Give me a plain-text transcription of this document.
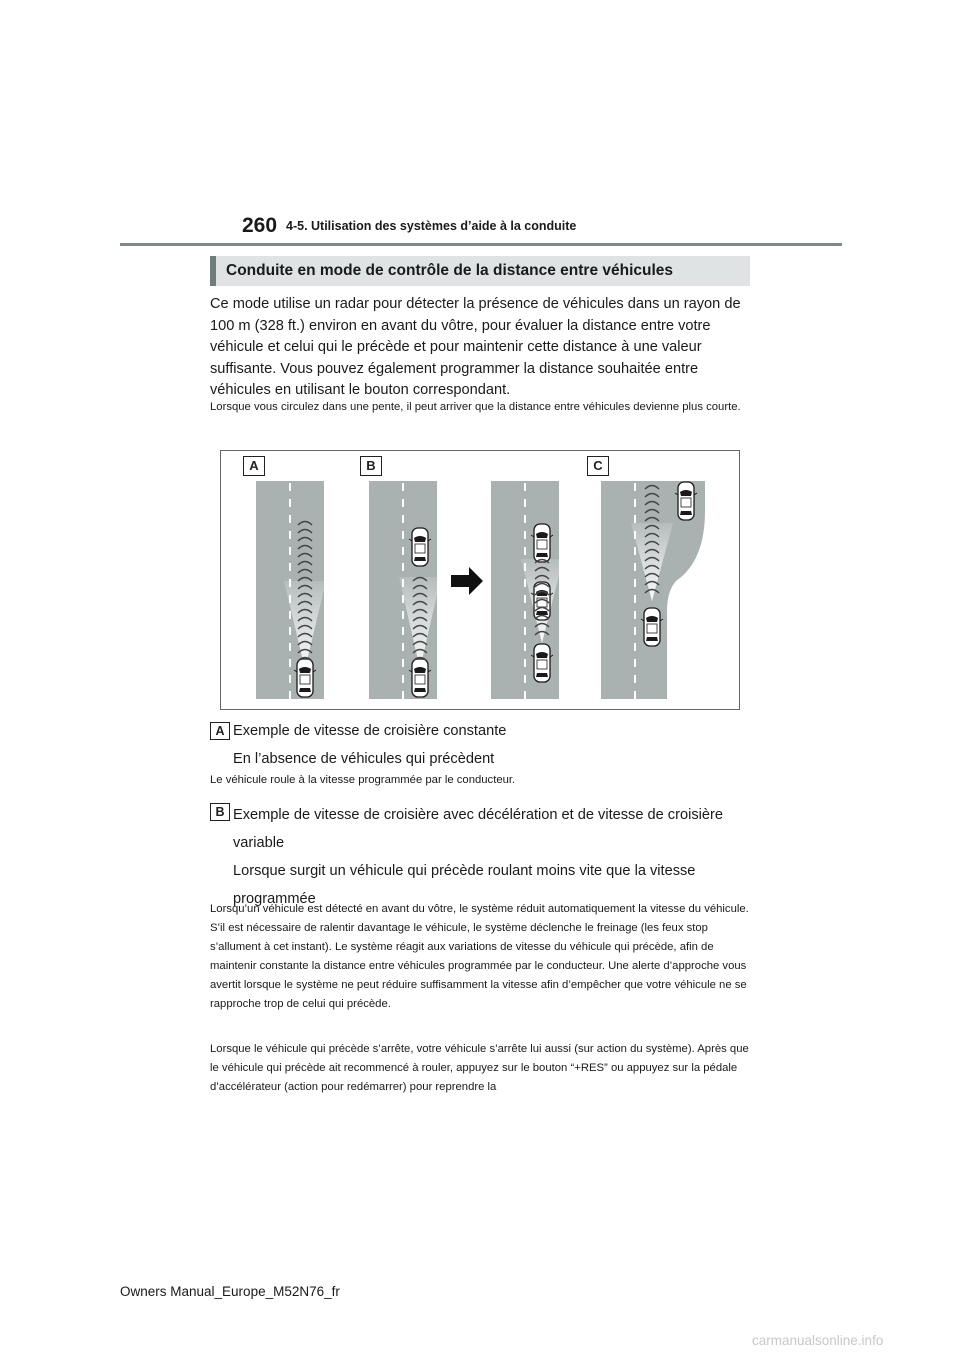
260 4-5. Utilisation des systèmes d’aide à la conduite
Conduite en mode de contrôle de la distance entre véhicules
Ce mode utilise un radar pour détecter la présence de véhicules dans un rayon de 100 m (328 ft.) environ en avant du vôtre, pour évaluer la distance entre votre véhicule et celui qui le précède et pour maintenir cette distance à une valeur suffisante. Vous pouvez également programmer la distance souhaitée entre véhicules en utilisant le bouton correspondant.
Lorsque vous circulez dans une pente, il peut arriver que la distance entre véhicules devienne plus courte.
A	B	C
A Exemple de vitesse de croisière constante
En l’absence de véhicules qui précèdent
Le véhicule roule à la vitesse programmée par le conducteur.
B Exemple de vitesse de croisière avec décélération et de vitesse de croisière variable
Lorsque surgit un véhicule qui précède roulant moins vite que la vitesse programmée
Lorsqu’un véhicule est détecté en avant du vôtre, le système réduit automatiquement la vitesse du véhicule. S’il est nécessaire de ralentir davantage le véhicule, le système déclenche le freinage (les feux stop s’allument à cet instant). Le système réagit aux variations de vitesse du véhicule qui précède, afin de maintenir constante la distance entre véhicules programmée par le conducteur. Une alerte d’approche vous avertit lorsque le système ne peut réduire suffisamment la vitesse afin d’empêcher que votre véhicule ne se rapproche trop de celui qui précède.
Lorsque le véhicule qui précède s’arrête, votre véhicule s’arrête lui aussi (sur action du système). Après que le véhicule qui précède ait recommencé à rouler, appuyez sur le bouton “+RES” ou appuyez sur la pédale d’accélérateur (action pour redémarrer) pour reprendre la
Owners Manual_Europe_M52N76_fr
carmanualsonline.info
